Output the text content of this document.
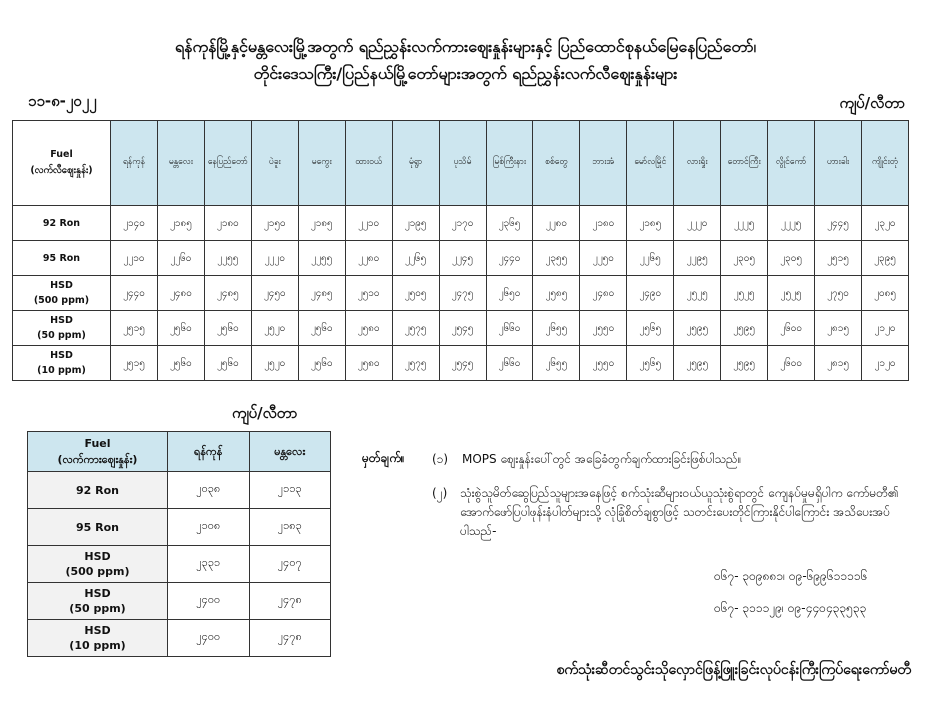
ရန်ကုန်မြို့နှင့်မန္တလေးမြို့အတွက် ရည်ညွှန်းလက်ကားဈေးနှုန်းများနှင့် ပြည်ထောင်စုနယ်မြေနေပြည်တော်၊
တိုင်းဒေသကြီး/ပြည်နယ်မြို့တော်များအတွက် ရည်ညွှန်းလက်လီဈေးနှုန်းများ
၁၁-၈-၂၀၂၂	ကျပ်/လီတာ
Fuel
(လက်လီဈေးနှုန်း)	ရန်ကုန်	မန္တလေး	နေပြည်တော်	ပဲခူး	မကွေး	ထားဝယ်	မုံရွာ	ပုသိမ်	မြစ်ကြီးနား	စစ်တွေ	ဘားအံ	မော်လမြိုင်	လားရှိုး	တောင်ကြီး	လွိုင်ကော်	ဟားခါး	ကျိုင်းတုံ

92 Ron	၂၁၄၀	၂၁၈၅	၂၁၈၀	၂၁၅၀	၂၁၈၅	၂၂၁၀	၂၁၉၅	၂၁၇၀	၂၃၆၅	၂၂၈၀	၂၁၈၀	၂၁၈၅	၂၂၂၀	၂၂၂၅	၂၂၂၅	၂၄၄၅	၂၃၂၀

95 Ron	၂၂၁၀	၂၂၆၀	၂၂၅၅	၂၂၂၀	၂၂၅၅	၂၂၈၀	၂၂၆၅	၂၂၄၅	၂၄၄၀	၂၃၅၅	၂၂၅၀	၂၂၆၅	၂၂၉၅	၂၃၀၅	၂၃၀၅	၂၅၁၅	၂၃၉၅

HSD
(500 ppm)	၂၄၄၀	၂၄၈၀	၂၄၈၅	၂၄၅၀	၂၄၈၅	၂၅၁၀	၂၅၀၅	၂၄၇၅	၂၆၅၀	၂၅၈၅	၂၄၈၀	၂၄၉၀	၂၅၂၅	၂၅၂၅	၂၅၂၅	၂၇၅၀	၂၀၈၅

HSD
(50 ppm)	၂၅၁၅	၂၅၆၀	၂၅၆၀	၂၅၂၀	၂၅၆၀	၂၅၈၀	၂၅၇၅	၂၅၄၅	၂၆၆၀	၂၆၅၅	၂၅၅၀	၂၅၆၅	၂၅၉၅	၂၅၉၅	၂၆၀၀	၂၈၁၅	၂၁၂၀

HSD
(10 ppm)	၂၅၁၅	၂၅၆၀	၂၅၆၀	၂၅၂၀	၂၅၆၀	၂၅၈၀	၂၅၇၅	၂၅၄၅	၂၆၆၀	၂၆၅၅	၂၅၅၀	၂၅၆၅	၂၅၉၅	၂၅၉၅	၂၆၀၀	၂၈၁၅	၂၁၂၀
ကျပ်/လီတာ
Fuel
(လက်ကားဈေးနှုန်း)	ရန်ကုန်	မန္တလေး

92 Ron	၂၀၃၈	၂၁၁၃

95 Ron	၂၁၀၈	၂၁၈၃

HSD
(500 ppm)	၂၃၃၁	၂၄၀၇

HSD
(50 ppm)	၂၄၀၀	၂၄၇၈

HSD
(10 ppm)	၂၄၀၀	၂၄၇၈
မှတ်ချက်။ (၁) MOPS ဈေးနှုန်းပေါ်တွင် အခြေခံတွက်ချက်ထားခြင်းဖြစ်ပါသည်။
(၂) သုံးစွဲသူမိတ်ဆွေပြည်သူများအနေဖြင့် စက်သုံးဆီများဝယ်ယူသုံးစွဲရာတွင် ကျေနပ်မှုမရှိပါက ကော်မတီ၏ အောက်ဖော်ပြပါဖုန်းနံပါတ်များသို့ လုံခြုံစိတ်ချစွာဖြင့် သတင်းပေးတိုင်ကြားနိုင်ပါကြောင်း အသိပေးအပ်ပါသည်-
၀၆၇- ၃၀၉၈၈၁၊ ၀၉-၆၉၉၆၁၁၁၁၆
၀၆၇- ၃၁၁၁၂၉၊ ၀၉-၄၄၀၄၃၃၅၃၃
စက်သုံးဆီတင်သွင်းသိုလှောင်ဖြန့်ဖြူးခြင်းလုပ်ငန်းကြီးကြပ်ရေးကော်မတီ
